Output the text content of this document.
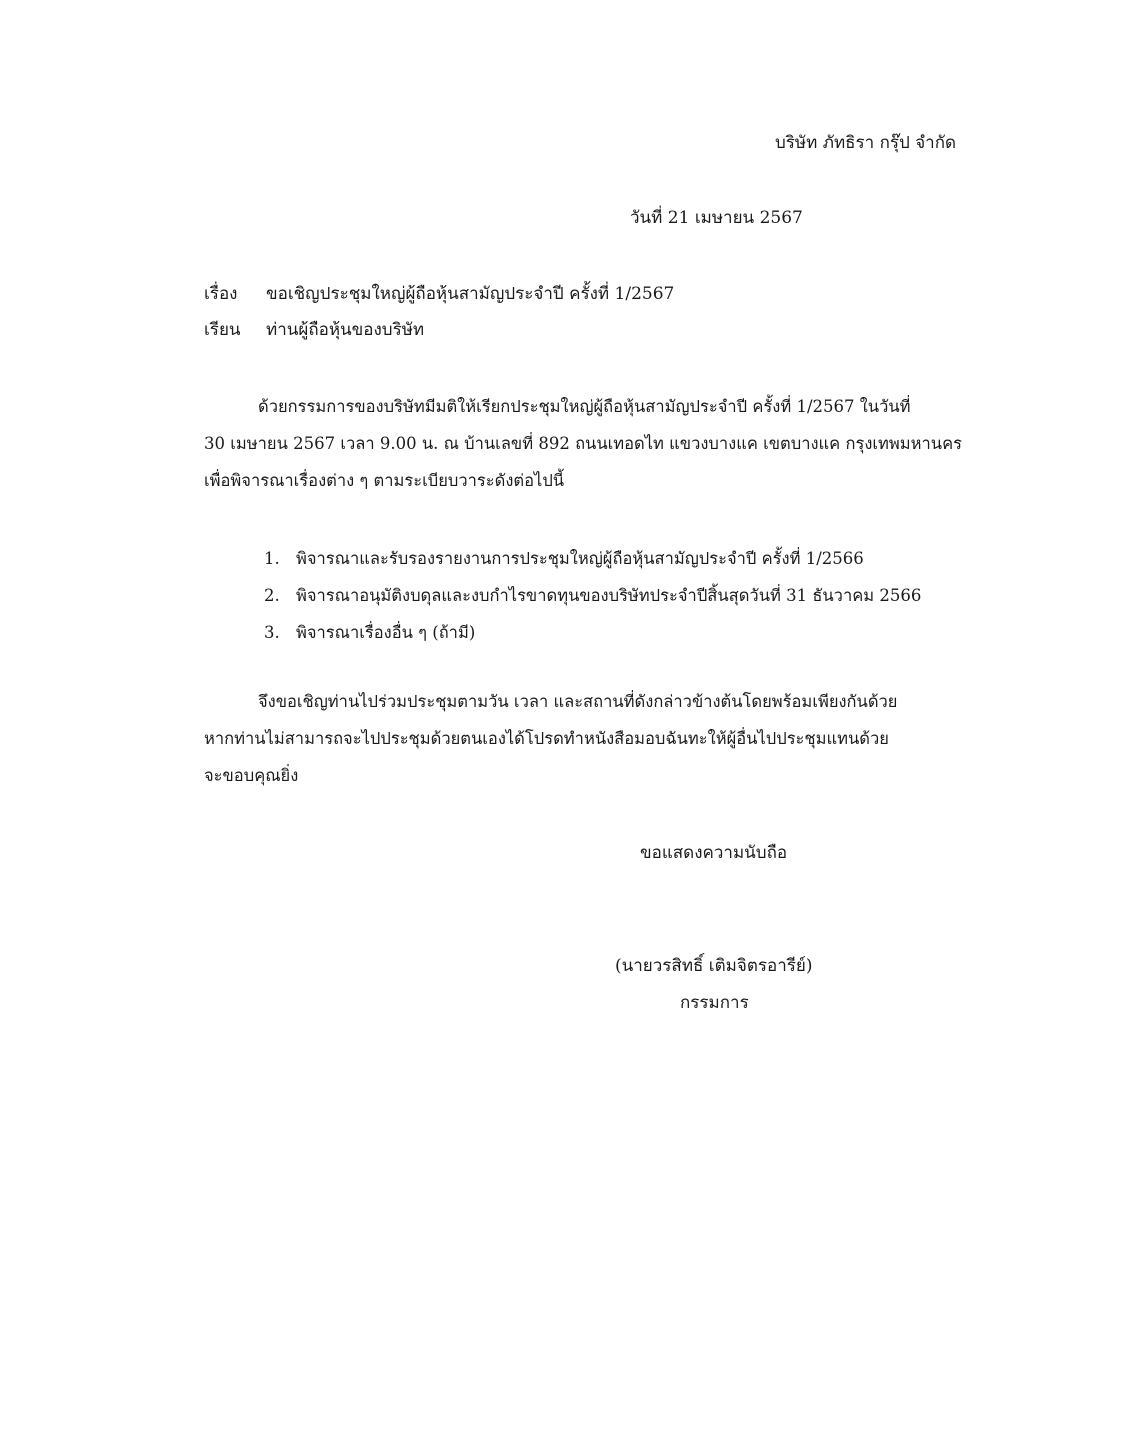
บริษัท ภัทธิรา กรุ๊ป จำกัด
วันที่ 21 เมษายน 2567
เรื่อง ขอเชิญประชุมใหญ่ผู้ถือหุ้นสามัญประจำปี ครั้งที่ 1/2567
เรียน ท่านผู้ถือหุ้นของบริษัท
ด้วยกรรมการของบริษัทมีมติให้เรียกประชุมใหญ่ผู้ถือหุ้นสามัญประจำปี ครั้งที่ 1/2567 ในวันที่
30 เมษายน 2567 เวลา 9.00 น. ณ บ้านเลขที่ 892 ถนนเทอดไท แขวงบางแค เขตบางแค กรุงเทพมหานคร
เพื่อพิจารณาเรื่องต่าง ๆ ตามระเบียบวาระดังต่อไปนี้
1. พิจารณาและรับรองรายงานการประชุมใหญ่ผู้ถือหุ้นสามัญประจำปี ครั้งที่ 1/2566
2. พิจารณาอนุมัติงบดุลและงบกำไรขาดทุนของบริษัทประจำปีสิ้นสุดวันที่ 31 ธันวาคม 2566
3. พิจารณาเรื่องอื่น ๆ (ถ้ามี)
จึงขอเชิญท่านไปร่วมประชุมตามวัน เวลา และสถานที่ดังกล่าวข้างต้นโดยพร้อมเพียงกันด้วย
หากท่านไม่สามารถจะไปประชุมด้วยตนเองได้โปรดทำหนังสือมอบฉันทะให้ผู้อื่นไปประชุมแทนด้วย
จะขอบคุณยิ่ง
ขอแสดงความนับถือ
(นายวรสิทธิ์ เติมจิตรอารีย์)
กรรมการ
